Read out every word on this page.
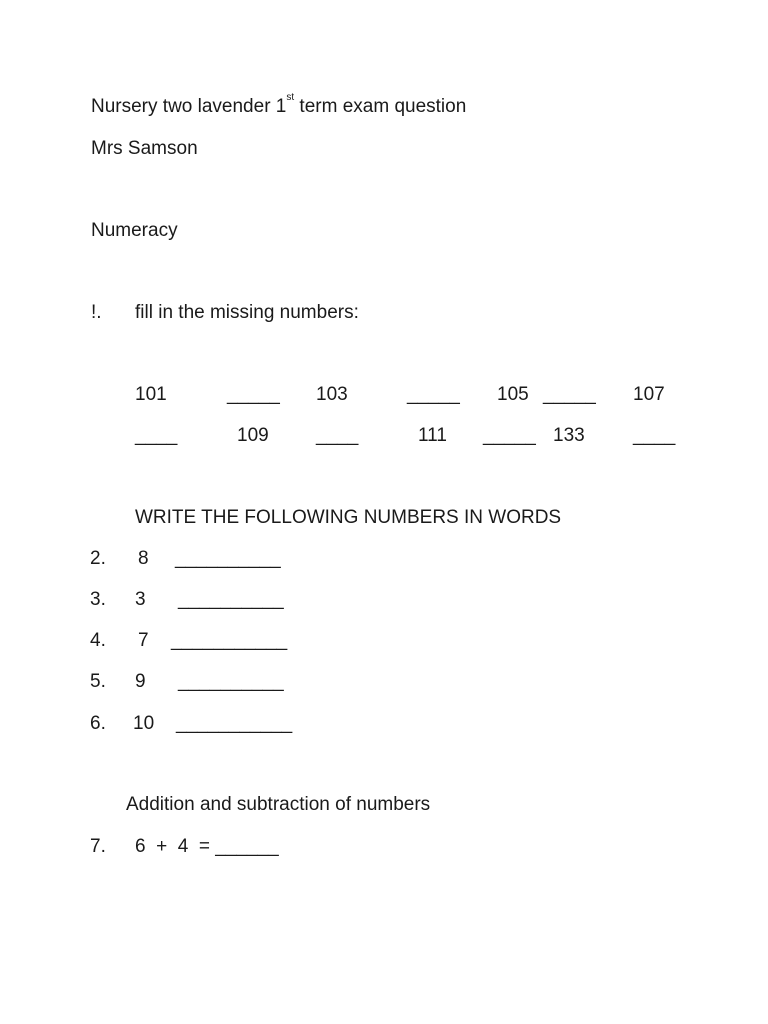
Nursery two lavender 1st term exam question
Mrs Samson
Numeracy
!. fill in the missing numbers:
101	_____ 103	_____ 105 _____ 107
____	109 ____	111 _____ 133	____
WRITE THE FOLLOWING NUMBERS IN WORDS
2. 8 __________
3. 3 __________
4. 7 ___________
5. 9 __________
6. 10 ___________
Addition and subtraction of numbers
7. 6  +  4  = ______
